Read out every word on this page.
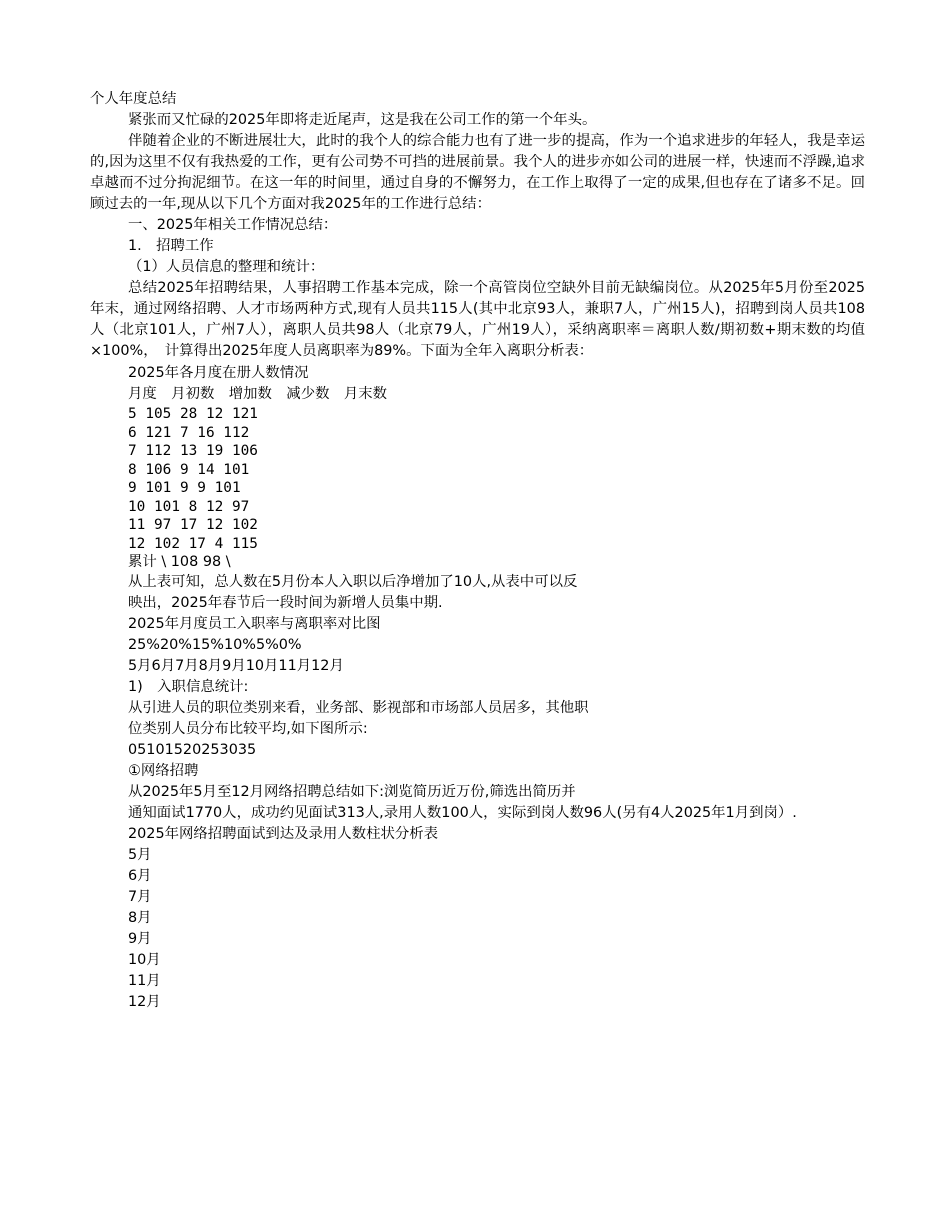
个人年度总结

紧张而又忙碌的2025年即将走近尾声，这是我在公司工作的第一个年头。

伴随着企业的不断进展壮大，此时的我个人的综合能力也有了进一步的提高，作为一个追求进步的年轻人，我是幸运的,因为这里不仅有我热爱的工作，更有公司势不可挡的进展前景。我个人的进步亦如公司的进展一样，快速而不浮躁,追求卓越而不过分拘泥细节。在这一年的时间里，通过自身的不懈努力，在工作上取得了一定的成果,但也存在了诸多不足。回顾过去的一年,现从以下几个方面对我2025年的工作进行总结：

一、2025年相关工作情况总结：

1.　招聘工作

（1）人员信息的整理和统计：

总结2025年招聘结果，人事招聘工作基本完成，除一个高管岗位空缺外目前无缺编岗位。从2025年5月份至2025年末，通过网络招聘、人才市场两种方式,现有人员共115人(其中北京93人，兼职7人，广州15人)，招聘到岗人员共108人（北京101人，广州7人），离职人员共98人（北京79人，广州19人），采纳离职率＝离职人数/期初数+期末数的均值×100%，　计算得出2025年度人员离职率为89%。下面为全年入离职分析表：

2025年各月度在册人数情况

月度　月初数　增加数　减少数　月末数

5 105 28 12 121

6 121 7 16 112

7 112 13 19 106

8 106 9 14 101

9 101 9 9 101

10 101 8 12 97

11 97 17 12 102

12 102 17 4 115

累计 \ 108 98 \

从上表可知，总人数在5月份本人入职以后净增加了10人,从表中可以反

映出，2025年春节后一段时间为新增人员集中期.

2025年月度员工入职率与离职率对比图

25%20%15%10%5%0%

5月6月7月8月9月10月11月12月

1)　入职信息统计:

从引进人员的职位类别来看，业务部、影视部和市场部人员居多，其他职

位类别人员分布比较平均,如下图所示:

05101520253035

①网络招聘

从2025年5月至12月网络招聘总结如下:浏览简历近万份,筛选出简历并

通知面试1770人，成功约见面试313人,录用人数100人，实际到岗人数96人(另有4人2025年1月到岗）.

2025年网络招聘面试到达及录用人数柱状分析表

5月

6月

7月

8月

9月

10月

11月

12月
